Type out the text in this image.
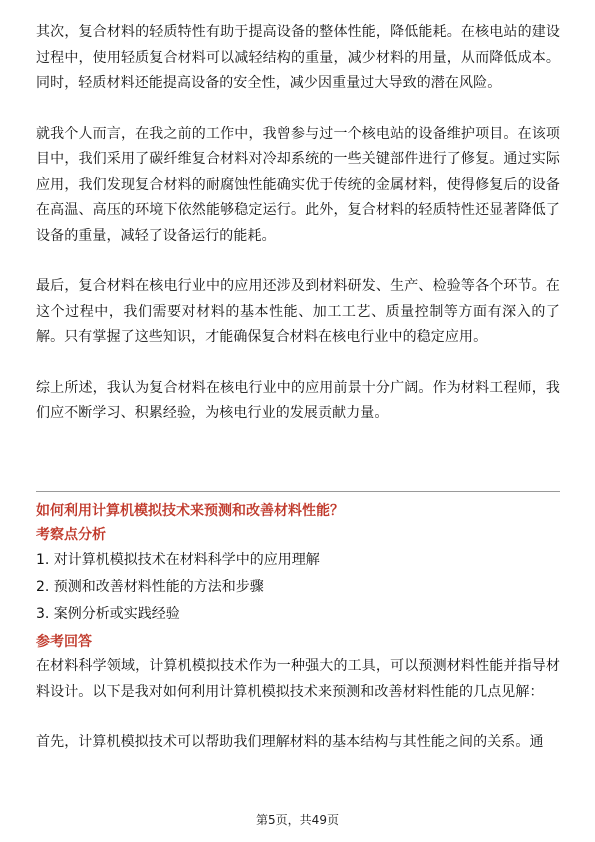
其次，复合材料的轻质特性有助于提高设备的整体性能，降低能耗。在核电站的建设过程中，使用轻质复合材料可以减轻结构的重量，减少材料的用量，从而降低成本。同时，轻质材料还能提高设备的安全性，减少因重量过大导致的潜在风险。

就我个人而言，在我之前的工作中，我曾参与过一个核电站的设备维护项目。在该项目中，我们采用了碳纤维复合材料对冷却系统的一些关键部件进行了修复。通过实际应用，我们发现复合材料的耐腐蚀性能确实优于传统的金属材料，使得修复后的设备在高温、高压的环境下依然能够稳定运行。此外，复合材料的轻质特性还显著降低了设备的重量，减轻了设备运行的能耗。

最后，复合材料在核电行业中的应用还涉及到材料研发、生产、检验等各个环节。在这个过程中，我们需要对材料的基本性能、加工工艺、质量控制等方面有深入的了解。只有掌握了这些知识，才能确保复合材料在核电行业中的稳定应用。

综上所述，我认为复合材料在核电行业中的应用前景十分广阔。作为材料工程师，我们应不断学习、积累经验，为核电行业的发展贡献力量。

如何利用计算机模拟技术来预测和改善材料性能？

考察点分析

1. 对计算机模拟技术在材料科学中的应用理解
2. 预测和改善材料性能的方法和步骤
3. 案例分析或实践经验

参考回答

在材料科学领域，计算机模拟技术作为一种强大的工具，可以预测材料性能并指导材料设计。以下是我对如何利用计算机模拟技术来预测和改善材料性能的几点见解：

首先，计算机模拟技术可以帮助我们理解材料的基本结构与其性能之间的关系。通

第5页，共49页
